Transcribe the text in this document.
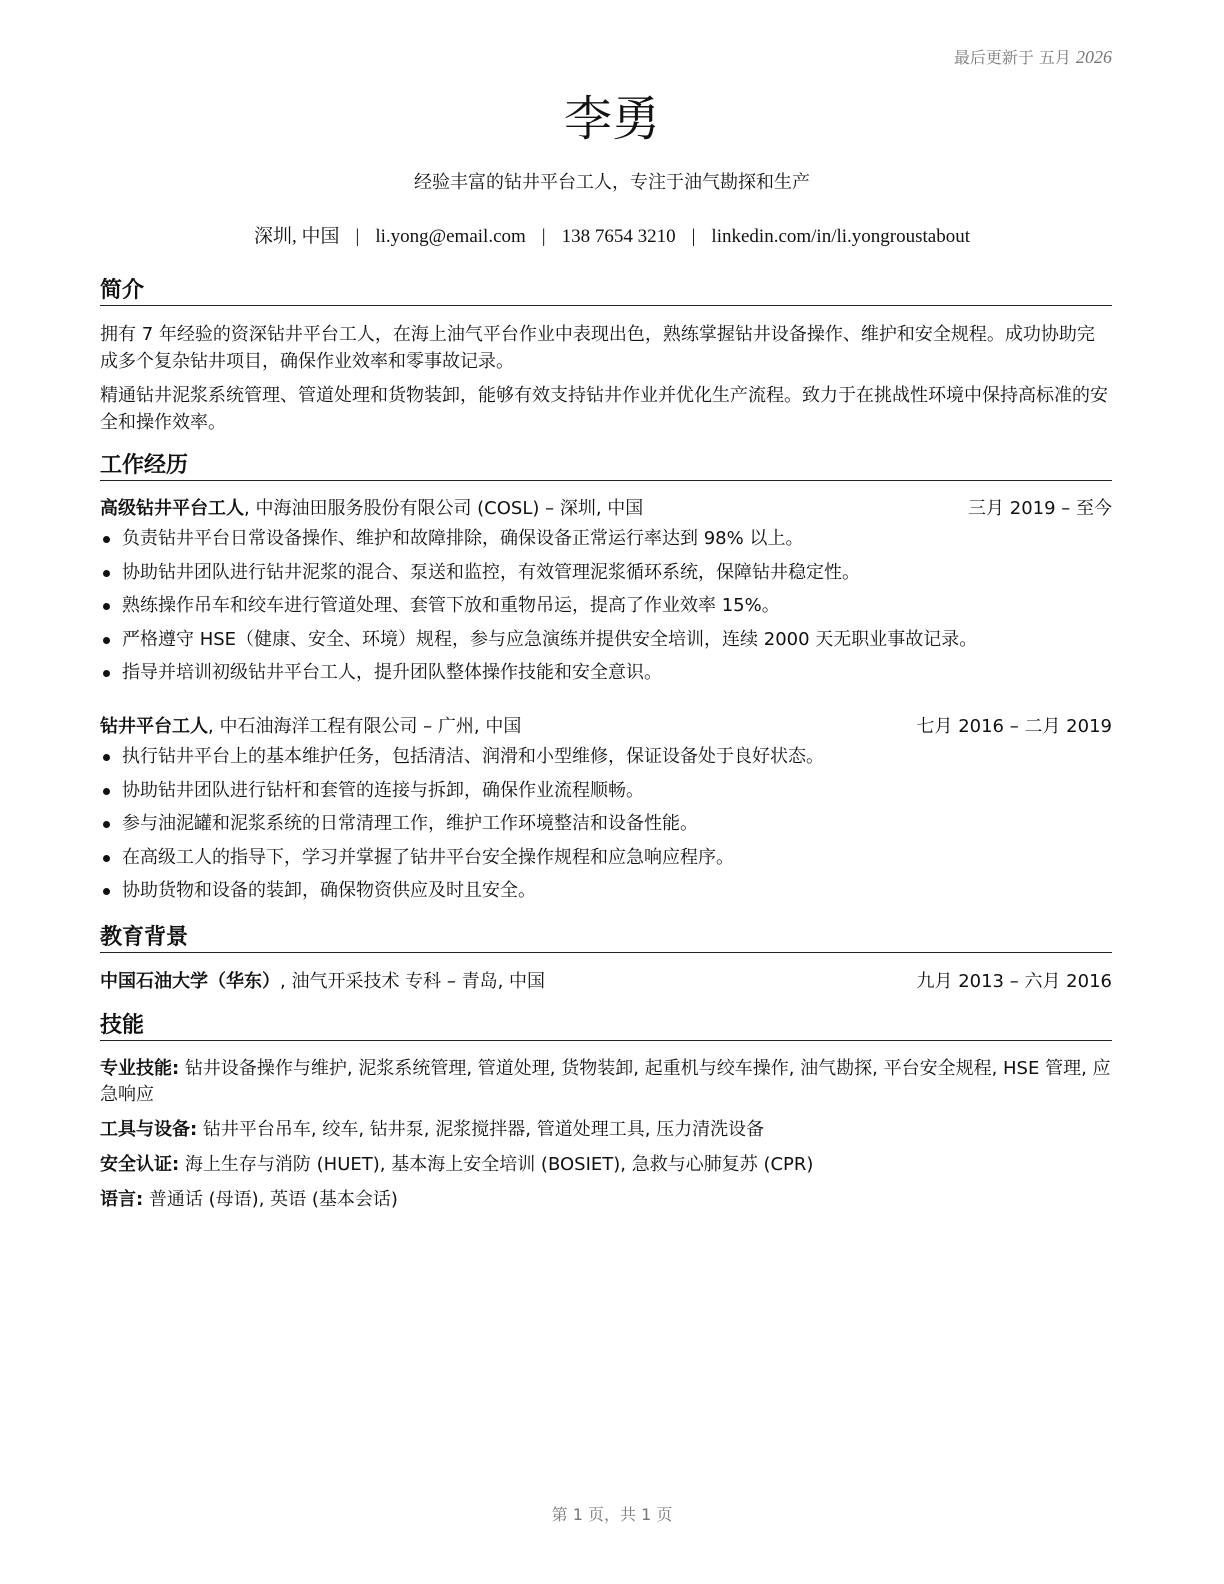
最后更新于 五月 2026
李勇
经验丰富的钻井平台工人，专注于油气勘探和生产
深圳, 中国 | li.yong@email.com | 138 7654 3210 | linkedin.com/in/li.yongroustabout
简介
拥有 7 年经验的资深钻井平台工人，在海上油气平台作业中表现出色，熟练掌握钻井设备操作、维护和安全规程。成功协助完成多个复杂钻井项目，确保作业效率和零事故记录。
精通钻井泥浆系统管理、管道处理和货物装卸，能够有效支持钻井作业并优化生产流程。致力于在挑战性环境中保持高标准的安全和操作效率。
工作经历
高级钻井平台工人, 中海油田服务股份有限公司 (COSL) – 深圳, 中国	三月 2019 – 至今
负责钻井平台日常设备操作、维护和故障排除，确保设备正常运行率达到 98% 以上。
协助钻井团队进行钻井泥浆的混合、泵送和监控，有效管理泥浆循环系统，保障钻井稳定性。
熟练操作吊车和绞车进行管道处理、套管下放和重物吊运，提高了作业效率 15%。
严格遵守 HSE（健康、安全、环境）规程，参与应急演练并提供安全培训，连续 2000 天无职业事故记录。
指导并培训初级钻井平台工人，提升团队整体操作技能和安全意识。
钻井平台工人, 中石油海洋工程有限公司 – 广州, 中国	七月 2016 – 二月 2019
执行钻井平台上的基本维护任务，包括清洁、润滑和小型维修，保证设备处于良好状态。
协助钻井团队进行钻杆和套管的连接与拆卸，确保作业流程顺畅。
参与油泥罐和泥浆系统的日常清理工作，维护工作环境整洁和设备性能。
在高级工人的指导下，学习并掌握了钻井平台安全操作规程和应急响应程序。
协助货物和设备的装卸，确保物资供应及时且安全。
教育背景
中国石油大学（华东）, 油气开采技术 专科 – 青岛, 中国	九月 2013 – 六月 2016
技能
专业技能: 钻井设备操作与维护, 泥浆系统管理, 管道处理, 货物装卸, 起重机与绞车操作, 油气勘探, 平台安全规程, HSE 管理, 应急响应
工具与设备: 钻井平台吊车, 绞车, 钻井泵, 泥浆搅拌器, 管道处理工具, 压力清洗设备
安全认证: 海上生存与消防 (HUET), 基本海上安全培训 (BOSIET), 急救与心肺复苏 (CPR)
语言: 普通话 (母语), 英语 (基本会话)
第 1 页，共 1 页
